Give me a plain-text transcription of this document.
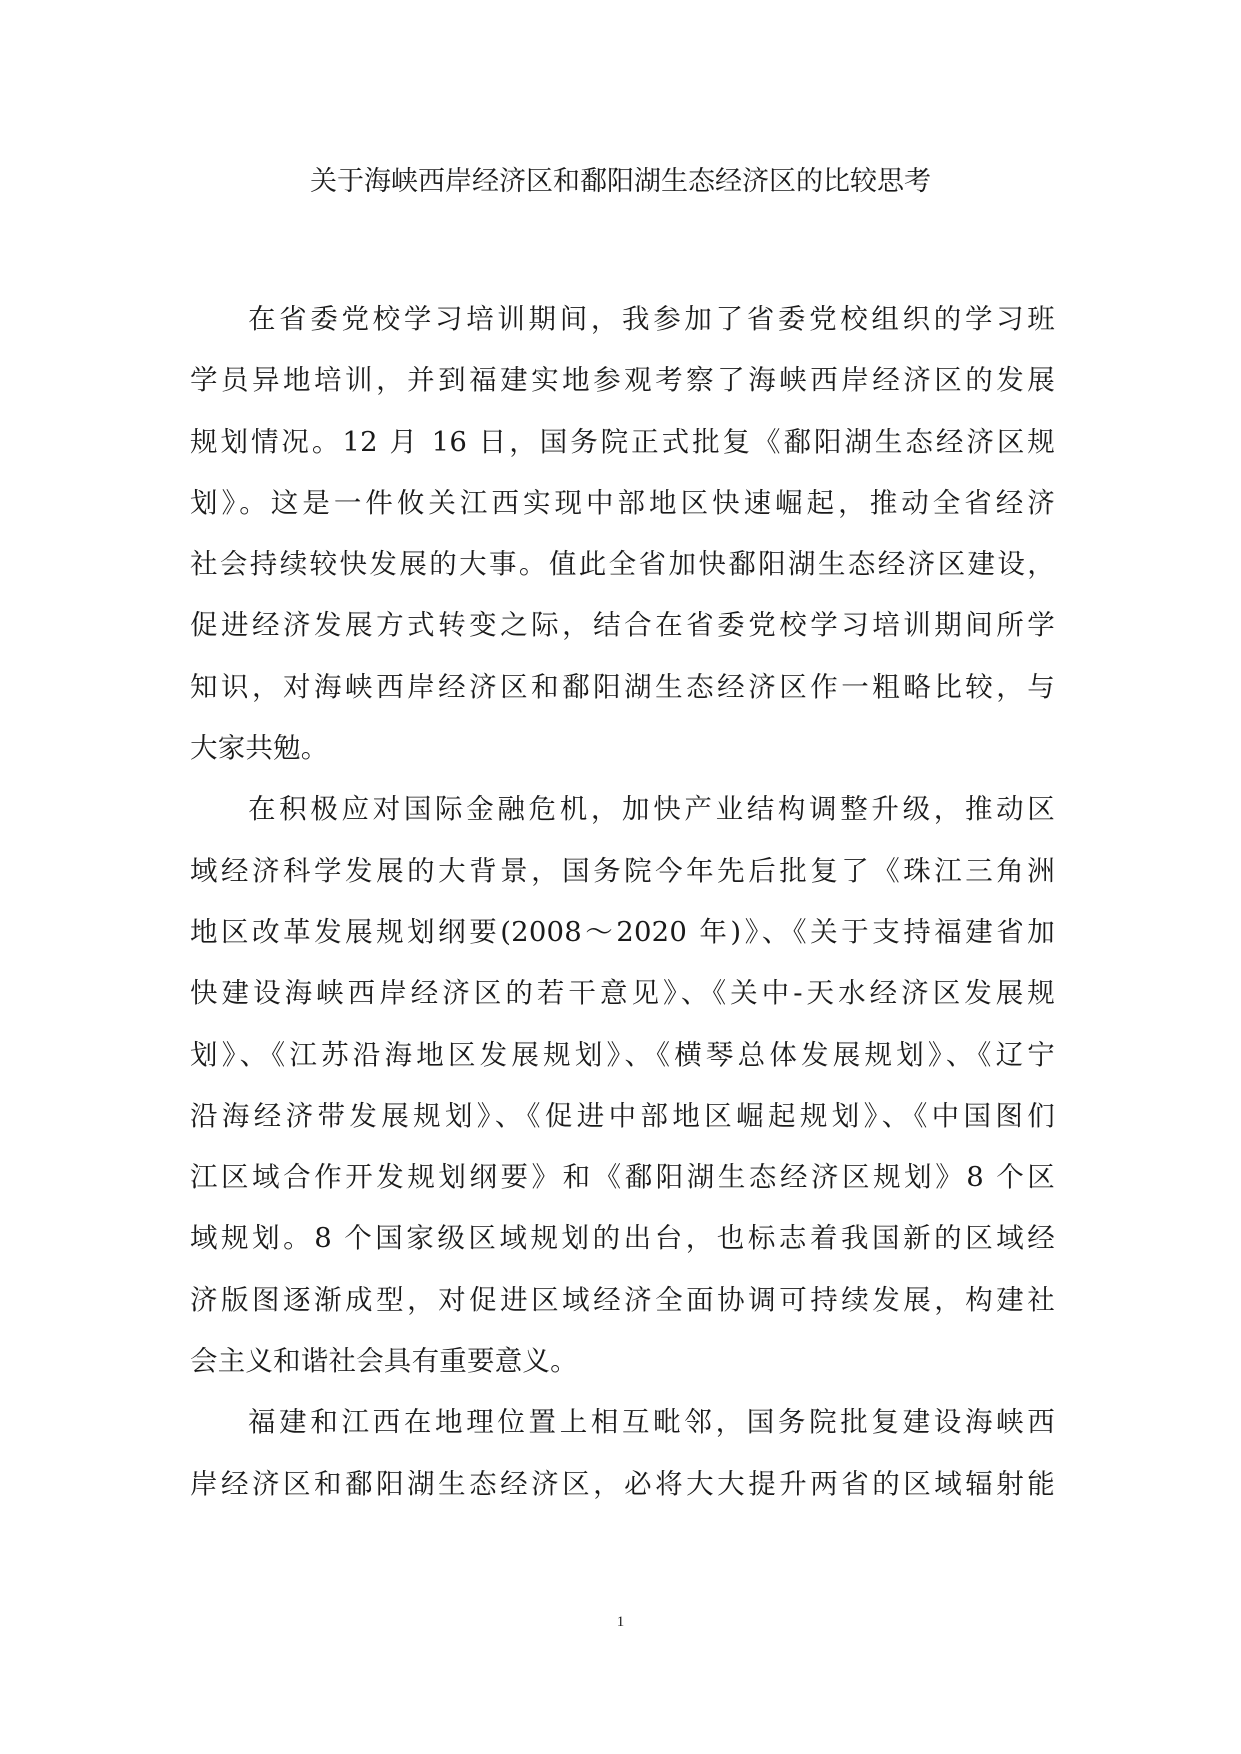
关于海峡西岸经济区和鄱阳湖生态经济区的比较思考
在省委党校学习培训期间，我参加了省委党校组织的学习班
学员异地培训，并到福建实地参观考察了海峡西岸经济区的发展
规划情况。12 月 16 日，国务院正式批复《鄱阳湖生态经济区规
划》。这是一件攸关江西实现中部地区快速崛起，推动全省经济
社会持续较快发展的大事。值此全省加快鄱阳湖生态经济区建设，
促进经济发展方式转变之际，结合在省委党校学习培训期间所学
知识，对海峡西岸经济区和鄱阳湖生态经济区作一粗略比较，与
大家共勉。
在积极应对国际金融危机，加快产业结构调整升级，推动区
域经济科学发展的大背景，国务院今年先后批复了《珠江三角洲
地区改革发展规划纲要(2008～2020 年)》、《关于支持福建省加
快建设海峡西岸经济区的若干意见》、《关中-天水经济区发展规
划》、《江苏沿海地区发展规划》、《横琴总体发展规划》、《辽宁
沿海经济带发展规划》、《促进中部地区崛起规划》、《中国图们
江区域合作开发规划纲要》和《鄱阳湖生态经济区规划》8 个区
域规划。8 个国家级区域规划的出台，也标志着我国新的区域经
济版图逐渐成型，对促进区域经济全面协调可持续发展，构建社
会主义和谐社会具有重要意义。
福建和江西在地理位置上相互毗邻，国务院批复建设海峡西
岸经济区和鄱阳湖生态经济区，必将大大提升两省的区域辐射能
1
